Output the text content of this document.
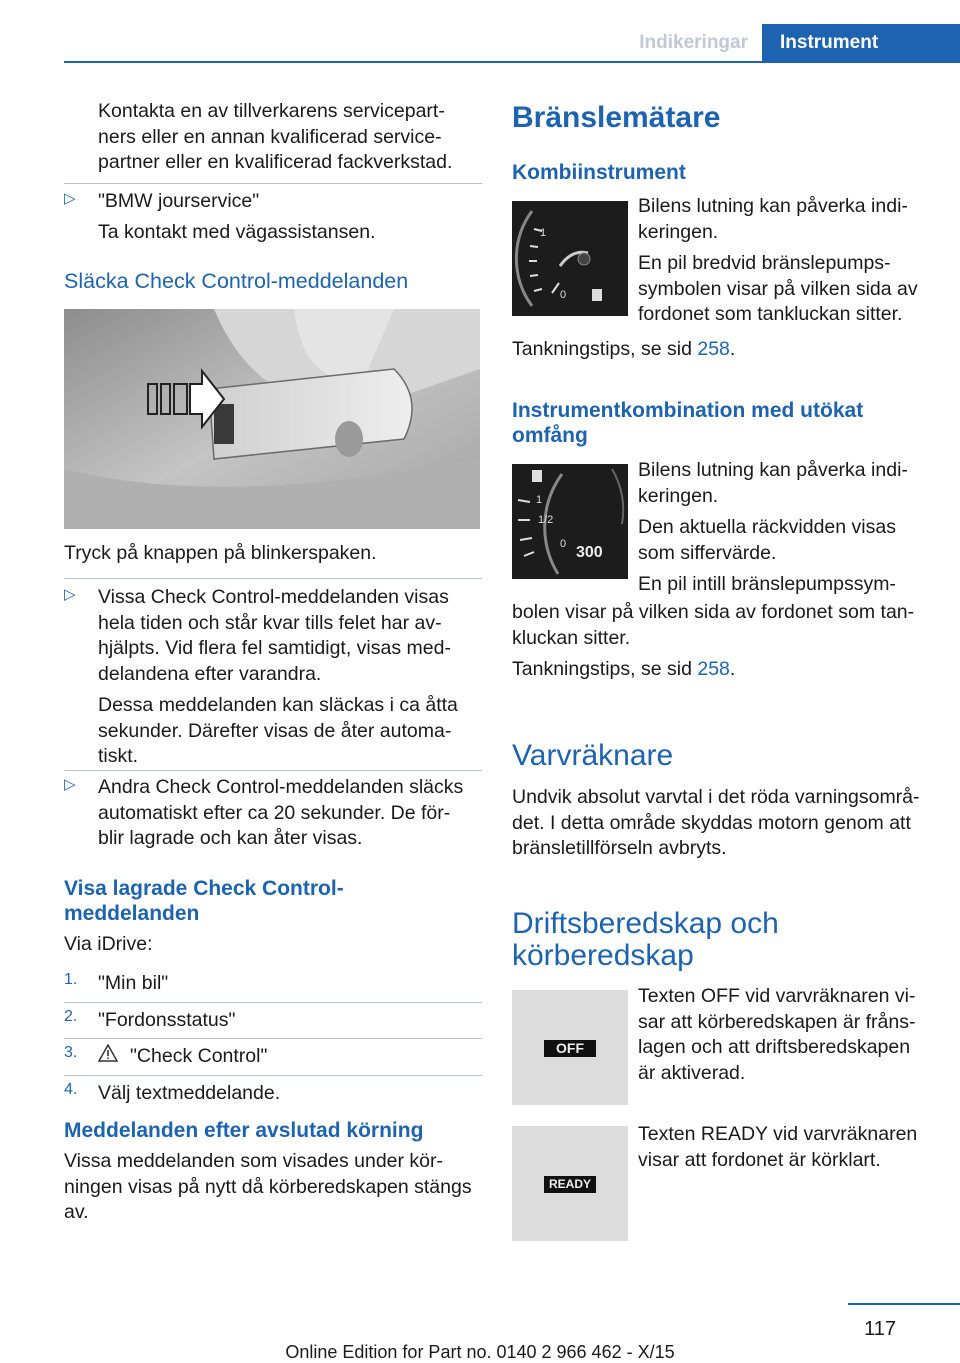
Indikeringar	Instrument

Kontakta en av tillverkarens servicepart‐

ners eller en annan kvalificerad service‐

partner eller en kvalificerad fackverkstad.

▷ "BMW jourservice"

Ta kontakt med vägassistansen.

Släcka Check Control-meddelanden

Tryck på knappen på blinkerspaken.

▷ Vissa Check Control-meddelanden visas

hela tiden och står kvar tills felet har av‐

hjälpts. Vid flera fel samtidigt, visas med‐

delandena efter varandra.

Dessa meddelanden kan släckas i ca åtta

sekunder. Därefter visas de åter automa‐

tiskt.

▷ Andra Check Control-meddelanden släcks

automatiskt efter ca 20 sekunder. De för‐

blir lagrade och kan åter visas.

Visa lagrade Check Control-
meddelanden

Via iDrive:

1. "Min bil"

2. "Fordonsstatus"

3.	"Check Control"

4. Välj textmeddelande.

Meddelanden efter avslutad körning

Vissa meddelanden som visades under kör‐

ningen visas på nytt då körberedskapen stängs

av.

Bränslemätare
Kombiinstrument
1
0

Bilens lutning kan påverka indi‐

keringen.

En pil bredvid bränslepumps‐

symbolen visar på vilken sida av

fordonet som tankluckan sitter.

Tankningstips, se sid 258.

Instrumentkombination med utökat
omfång
1
1/2
0 300

Bilens lutning kan påverka indi‐

keringen.

Den aktuella räckvidden visas

som siffervärde.

En pil intill bränslepumpssym‐

bolen visar på vilken sida av fordonet som tan‐

kluckan sitter.

Tankningstips, se sid 258.

Varvräknare

Undvik absolut varvtal i det röda varningsområ‐

det. I detta område skyddas motorn genom att

bränsletillförseln avbryts.

Driftsberedskap och
körberedskap
OFF

Texten OFF vid varvräknaren vi‐

sar att körberedskapen är fråns‐

lagen och att driftsberedskapen

är aktiverad.

READY

Texten READY vid varvräknaren

visar att fordonet är körklart.

117
Online Edition for Part no. 0140 2 966 462 - X/15
